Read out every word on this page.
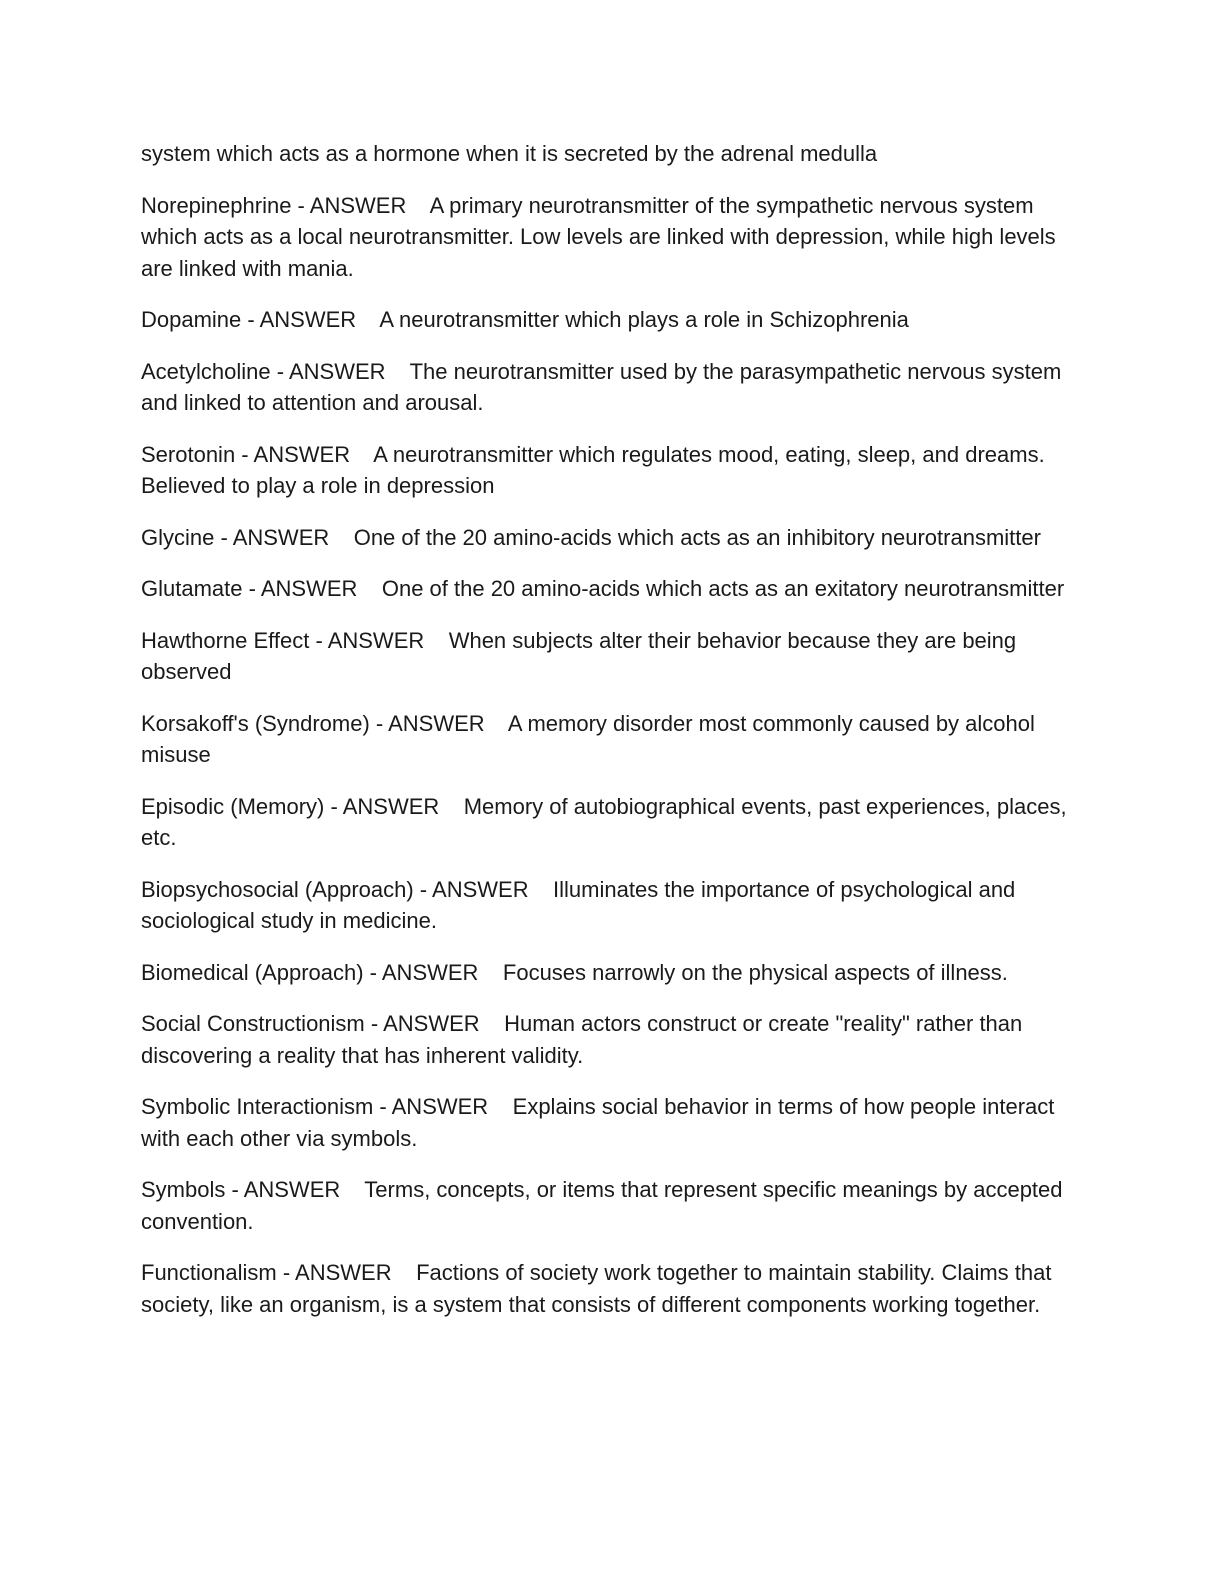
system which acts as a hormone when it is secreted by the adrenal medulla

Norepinephrine - ANSWER    A primary neurotransmitter of the sympathetic nervous system which acts as a local neurotransmitter. Low levels are linked with depression, while high levels are linked with mania.

Dopamine - ANSWER    A neurotransmitter which plays a role in Schizophrenia

Acetylcholine - ANSWER    The neurotransmitter used by the parasympathetic nervous system and linked to attention and arousal.

Serotonin - ANSWER    A neurotransmitter which regulates mood, eating, sleep, and dreams. Believed to play a role in depression

Glycine - ANSWER    One of the 20 amino-acids which acts as an inhibitory neurotransmitter

Glutamate - ANSWER    One of the 20 amino-acids which acts as an exitatory neurotransmitter

Hawthorne Effect - ANSWER    When subjects alter their behavior because they are being observed

Korsakoff's (Syndrome) - ANSWER    A memory disorder most commonly caused by alcohol misuse

Episodic (Memory) - ANSWER    Memory of autobiographical events, past experiences, places, etc.

Biopsychosocial (Approach) - ANSWER    Illuminates the importance of psychological and sociological study in medicine.

Biomedical (Approach) - ANSWER    Focuses narrowly on the physical aspects of illness.

Social Constructionism - ANSWER    Human actors construct or create "reality" rather than discovering a reality that has inherent validity.

Symbolic Interactionism - ANSWER    Explains social behavior in terms of how people interact with each other via symbols.

Symbols - ANSWER    Terms, concepts, or items that represent specific meanings by accepted convention.

Functionalism - ANSWER    Factions of society work together to maintain stability. Claims that society, like an organism, is a system that consists of different components working together.
